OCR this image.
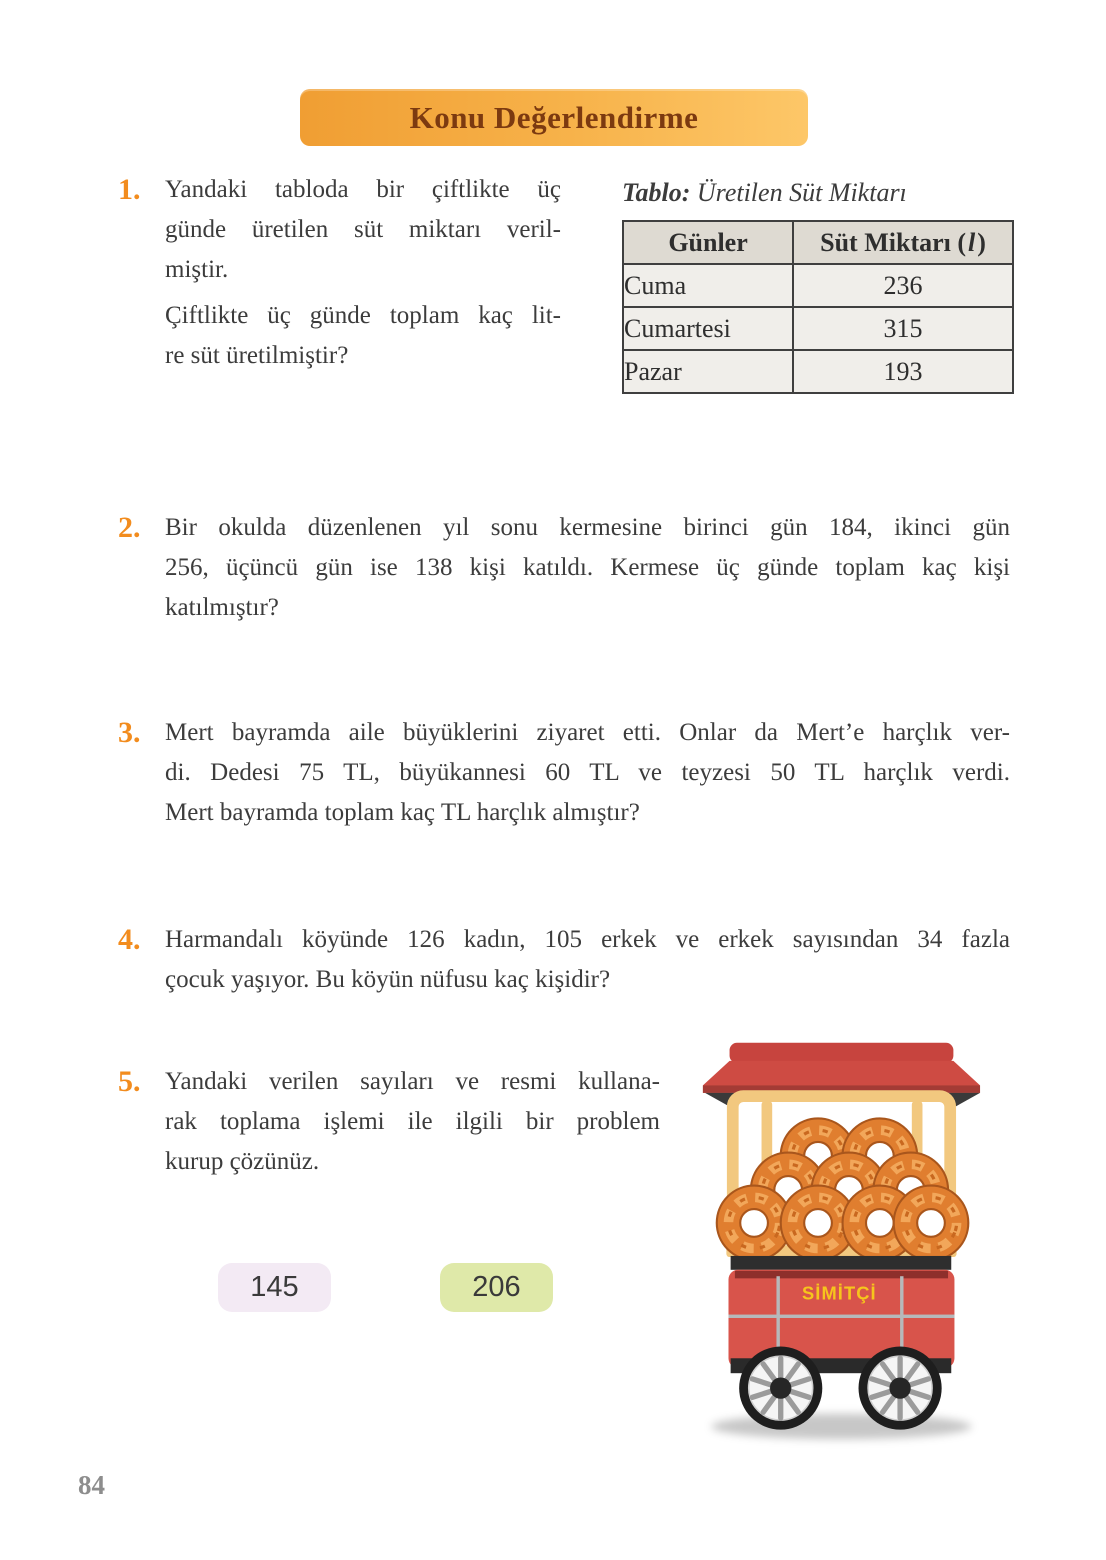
Konu Değerlendirme
1. Yandaki tabloda bir çiftlikte üç
günde üretilen süt miktarı veril-
miştir.
Çiftlikte üç günde toplam kaç lit-
re süt üretilmiştir?
Tablo: Üretilen Süt Miktarı
Günler	Süt Miktarı (l)
Cuma	236
Cumartesi	315
Pazar	193
2. Bir okulda düzenlenen yıl sonu kermesine birinci gün 184, ikinci gün
256, üçüncü gün ise 138 kişi katıldı. Kermese üç günde toplam kaç kişi
katılmıştır?
3. Mert bayramda aile büyüklerini ziyaret etti. Onlar da Mert’e harçlık ver-
di. Dedesi 75 TL, büyükannesi 60 TL ve teyzesi 50 TL harçlık verdi.
Mert bayramda toplam kaç TL harçlık almıştır?
4. Harmandalı köyünde 126 kadın, 105 erkek ve erkek sayısından 34 fazla
çocuk yaşıyor. Bu köyün nüfusu kaç kişidir?
5. Yandaki verilen sayıları ve resmi kullana-
rak toplama işlemi ile ilgili bir problem
kurup çözünüz.
145	206	SİMİTÇİ
84
